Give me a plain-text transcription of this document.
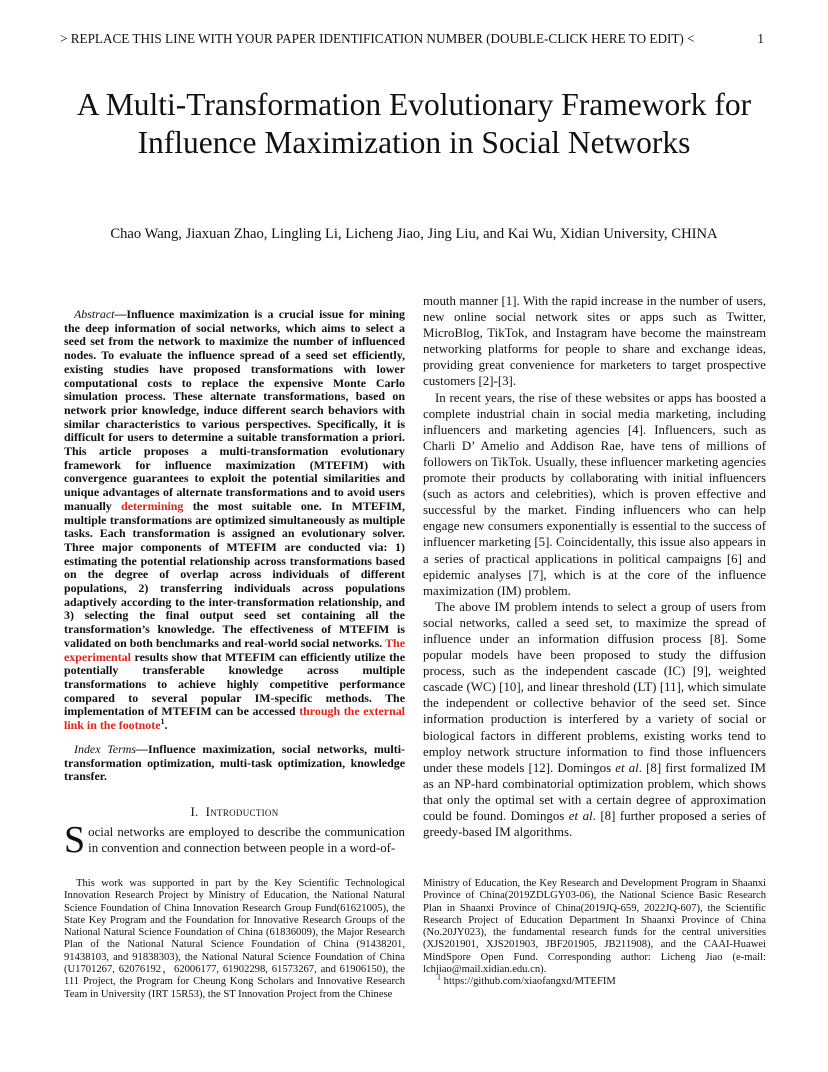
> REPLACE THIS LINE WITH YOUR PAPER IDENTIFICATION NUMBER (DOUBLE-CLICK HERE TO EDIT) <	1
A Multi-Transformation Evolutionary Framework for Influence Maximization in Social Networks
Chao Wang, Jiaxuan Zhao, Lingling Li, Licheng Jiao, Jing Liu, and Kai Wu, Xidian University, CHINA
Abstract—Influence maximization is a crucial issue for mining the deep information of social networks, which aims to select a seed set from the network to maximize the number of influenced nodes. To evaluate the influence spread of a seed set efficiently, existing studies have proposed transformations with lower computational costs to replace the expensive Monte Carlo simulation process. These alternate transformations, based on network prior knowledge, induce different search behaviors with similar characteristics to various perspectives. Specifically, it is difficult for users to determine a suitable transformation a priori. This article proposes a multi-transformation evolutionary framework for influence maximization (MTEFIM) with convergence guarantees to exploit the potential similarities and unique advantages of alternate transformations and to avoid users manually determining the most suitable one. In MTEFIM, multiple transformations are optimized simultaneously as multiple tasks. Each transformation is assigned an evolutionary solver. Three major components of MTEFIM are conducted via: 1) estimating the potential relationship across transformations based on the degree of overlap across individuals of different populations, 2) transferring individuals across populations adaptively according to the inter-transformation relationship, and 3) selecting the final output seed set containing all the transformation’s knowledge. The effectiveness of MTEFIM is validated on both benchmarks and real-world social networks. The experimental results show that MTEFIM can efficiently utilize the potentially transferable knowledge across multiple transformations to achieve highly competitive performance compared to several popular IM-specific methods. The implementation of MTEFIM can be accessed through the external link in the footnote$^1$.
Index Terms—Influence maximization, social networks, multi-transformation optimization, multi-task optimization, knowledge transfer.
I. Introduction
Social networks are employed to describe the communication in convention and connection between people in a word-of-

mouth manner [1]. With the rapid increase in the number of users, new online social network sites or apps such as Twitter, MicroBlog, TikTok, and Instagram have become the mainstream networking platforms for people to share and exchange ideas, providing great convenience for marketers to target prospective customers [2]-[3].

In recent years, the rise of these websites or apps has boosted a complete industrial chain in social media marketing, including influencers and marketing agencies [4]. Influencers, such as Charli D’ Amelio and Addison Rae, have tens of millions of followers on TikTok. Usually, these influencer marketing agencies promote their products by collaborating with initial influencers (such as actors and celebrities), which is proven effective and successful by the market. Finding influencers who can help engage new consumers exponentially is essential to the success of influencer marketing [5]. Coincidentally, this issue also appears in a series of practical applications in political campaigns [6] and epidemic analyses [7], which is at the core of the influence maximization (IM) problem.

The above IM problem intends to select a group of users from social networks, called a seed set, to maximize the spread of influence under an information diffusion process [8]. Some popular models have been proposed to study the diffusion process, such as the independent cascade (IC) [9], weighted cascade (WC) [10], and linear threshold (LT) [11], which simulate the independent or collective behavior of the seed set. Since information production is interfered by a variety of social or biological factors in different problems, existing works tend to employ network structure information to find those influencers under these models [12]. Domingos et al. [8] first formalized IM as an NP-hard combinatorial optimization problem, which shows that only the optimal set with a certain degree of approximation could be found. Domingos et al. [8] further proposed a series of greedy-based IM algorithms.

This work was supported in part by the Key Scientific Technological Innovation Research Project by Ministry of Education, the National Natural Science Foundation of China Innovation Research Group Fund(61621005), the State Key Program and the Foundation for Innovative Research Groups of the National Natural Science Foundation of China (61836009), the Major Research Plan of the National Natural Science Foundation of China (91438201, 91438103, and 91838303), the National Natural Science Foundation of China (U1701267, 62076192，62006177, 61902298, 61573267, and 61906150), the 111 Project, the Program for Cheung Kong Scholars and Innovative Research Team in University (IRT 15R53), the ST Innovation Project from the Chinese
Ministry of Education, the Key Research and Development Program in Shaanxi Province of China(2019ZDLGY03-06), the National Science Basic Research Plan in Shaanxi Province of China(2019JQ-659, 2022JQ-607), the Scientific Research Project of Education Department In Shaanxi Province of China (No.20JY023), the fundamental research funds for the central universities (XJS201901, XJS201903, JBF201905, JB211908), and the CAAI-Huawei MindSpore Open Fund. Corresponding author: Licheng Jiao (e-mail: lchjiao@mail.xidian.edu.cn).
$^1$ https://github.com/xiaofangxd/MTEFIM
